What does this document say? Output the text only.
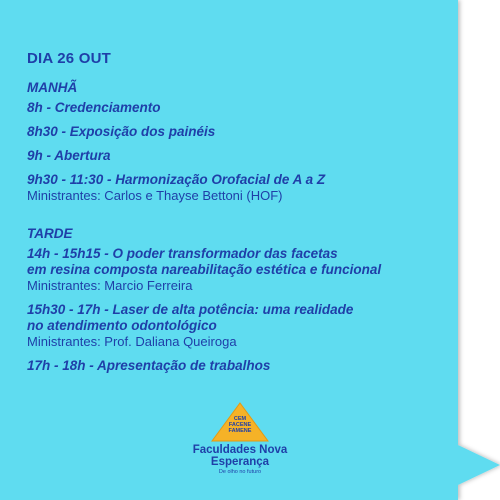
DIA 26 OUT
MANHÃ
8h - Credenciamento
8h30 - Exposição dos painéis
9h - Abertura
9h30 - 11:30 - Harmonização Orofacial de A a Z
Ministrantes: Carlos e Thayse Bettoni (HOF)
TARDE
14h - 15h15 - O poder transformador das facetas
em resina composta nareabilitação estética e funcional
Ministrantes: Marcio Ferreira
15h30 - 17h - Laser de alta potência: uma realidade
no atendimento odontológico
Ministrantes: Prof. Daliana Queiroga
17h - 18h - Apresentação de trabalhos
CEM
FACENE
FAMENE
Faculdades Nova
Esperança
De olho no futuro
